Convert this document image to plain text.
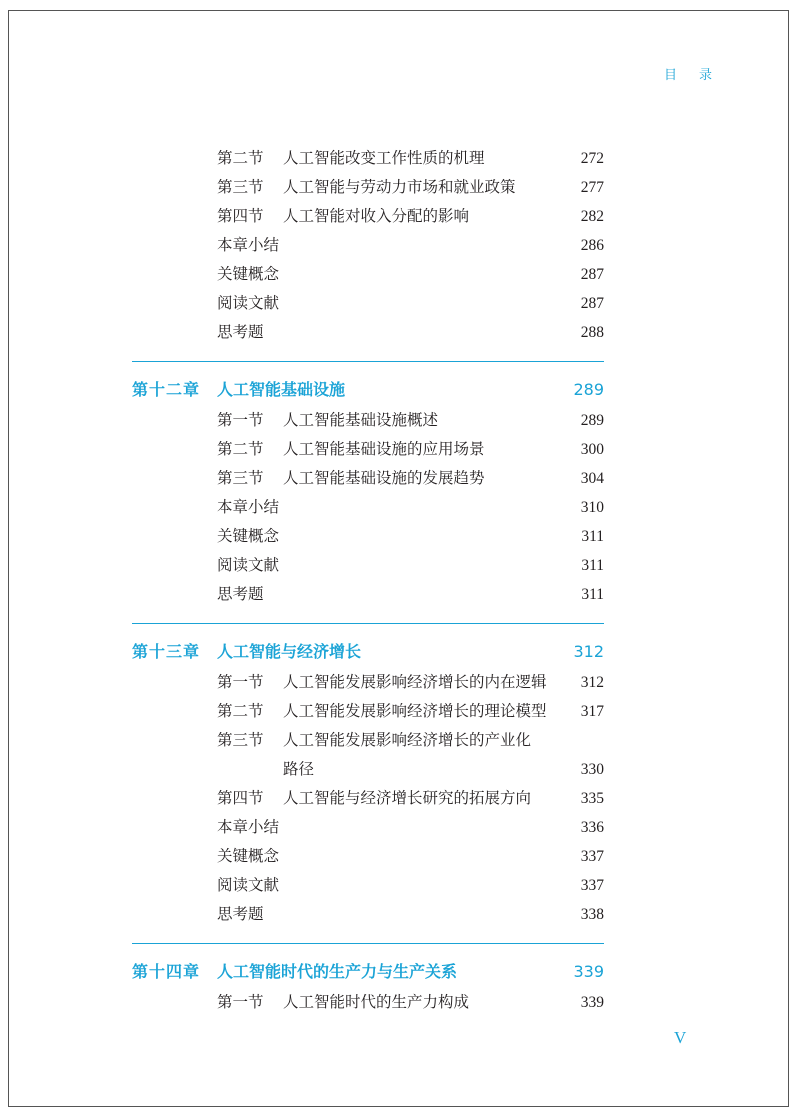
目 录
第二节 人工智能改变工作性质的机理	272
第三节 人工智能与劳动力市场和就业政策	277
第四节 人工智能对收入分配的影响	282
本章小结	286
关键概念	287
阅读文献	287
思考题	288
第十二章 人工智能基础设施	289
第一节 人工智能基础设施概述	289
第二节 人工智能基础设施的应用场景	300
第三节 人工智能基础设施的发展趋势	304
本章小结	310
关键概念	311
阅读文献	311
思考题	311
第十三章 人工智能与经济增长	312
第一节 人工智能发展影响经济增长的内在逻辑 312
第二节 人工智能发展影响经济增长的理论模型 317
第三节 人工智能发展影响经济增长的产业化
路径	330
第四节 人工智能与经济增长研究的拓展方向	335
本章小结	336
关键概念	337
阅读文献	337
思考题	338
第十四章 人工智能时代的生产力与生产关系	339
第一节 人工智能时代的生产力构成	339
V
